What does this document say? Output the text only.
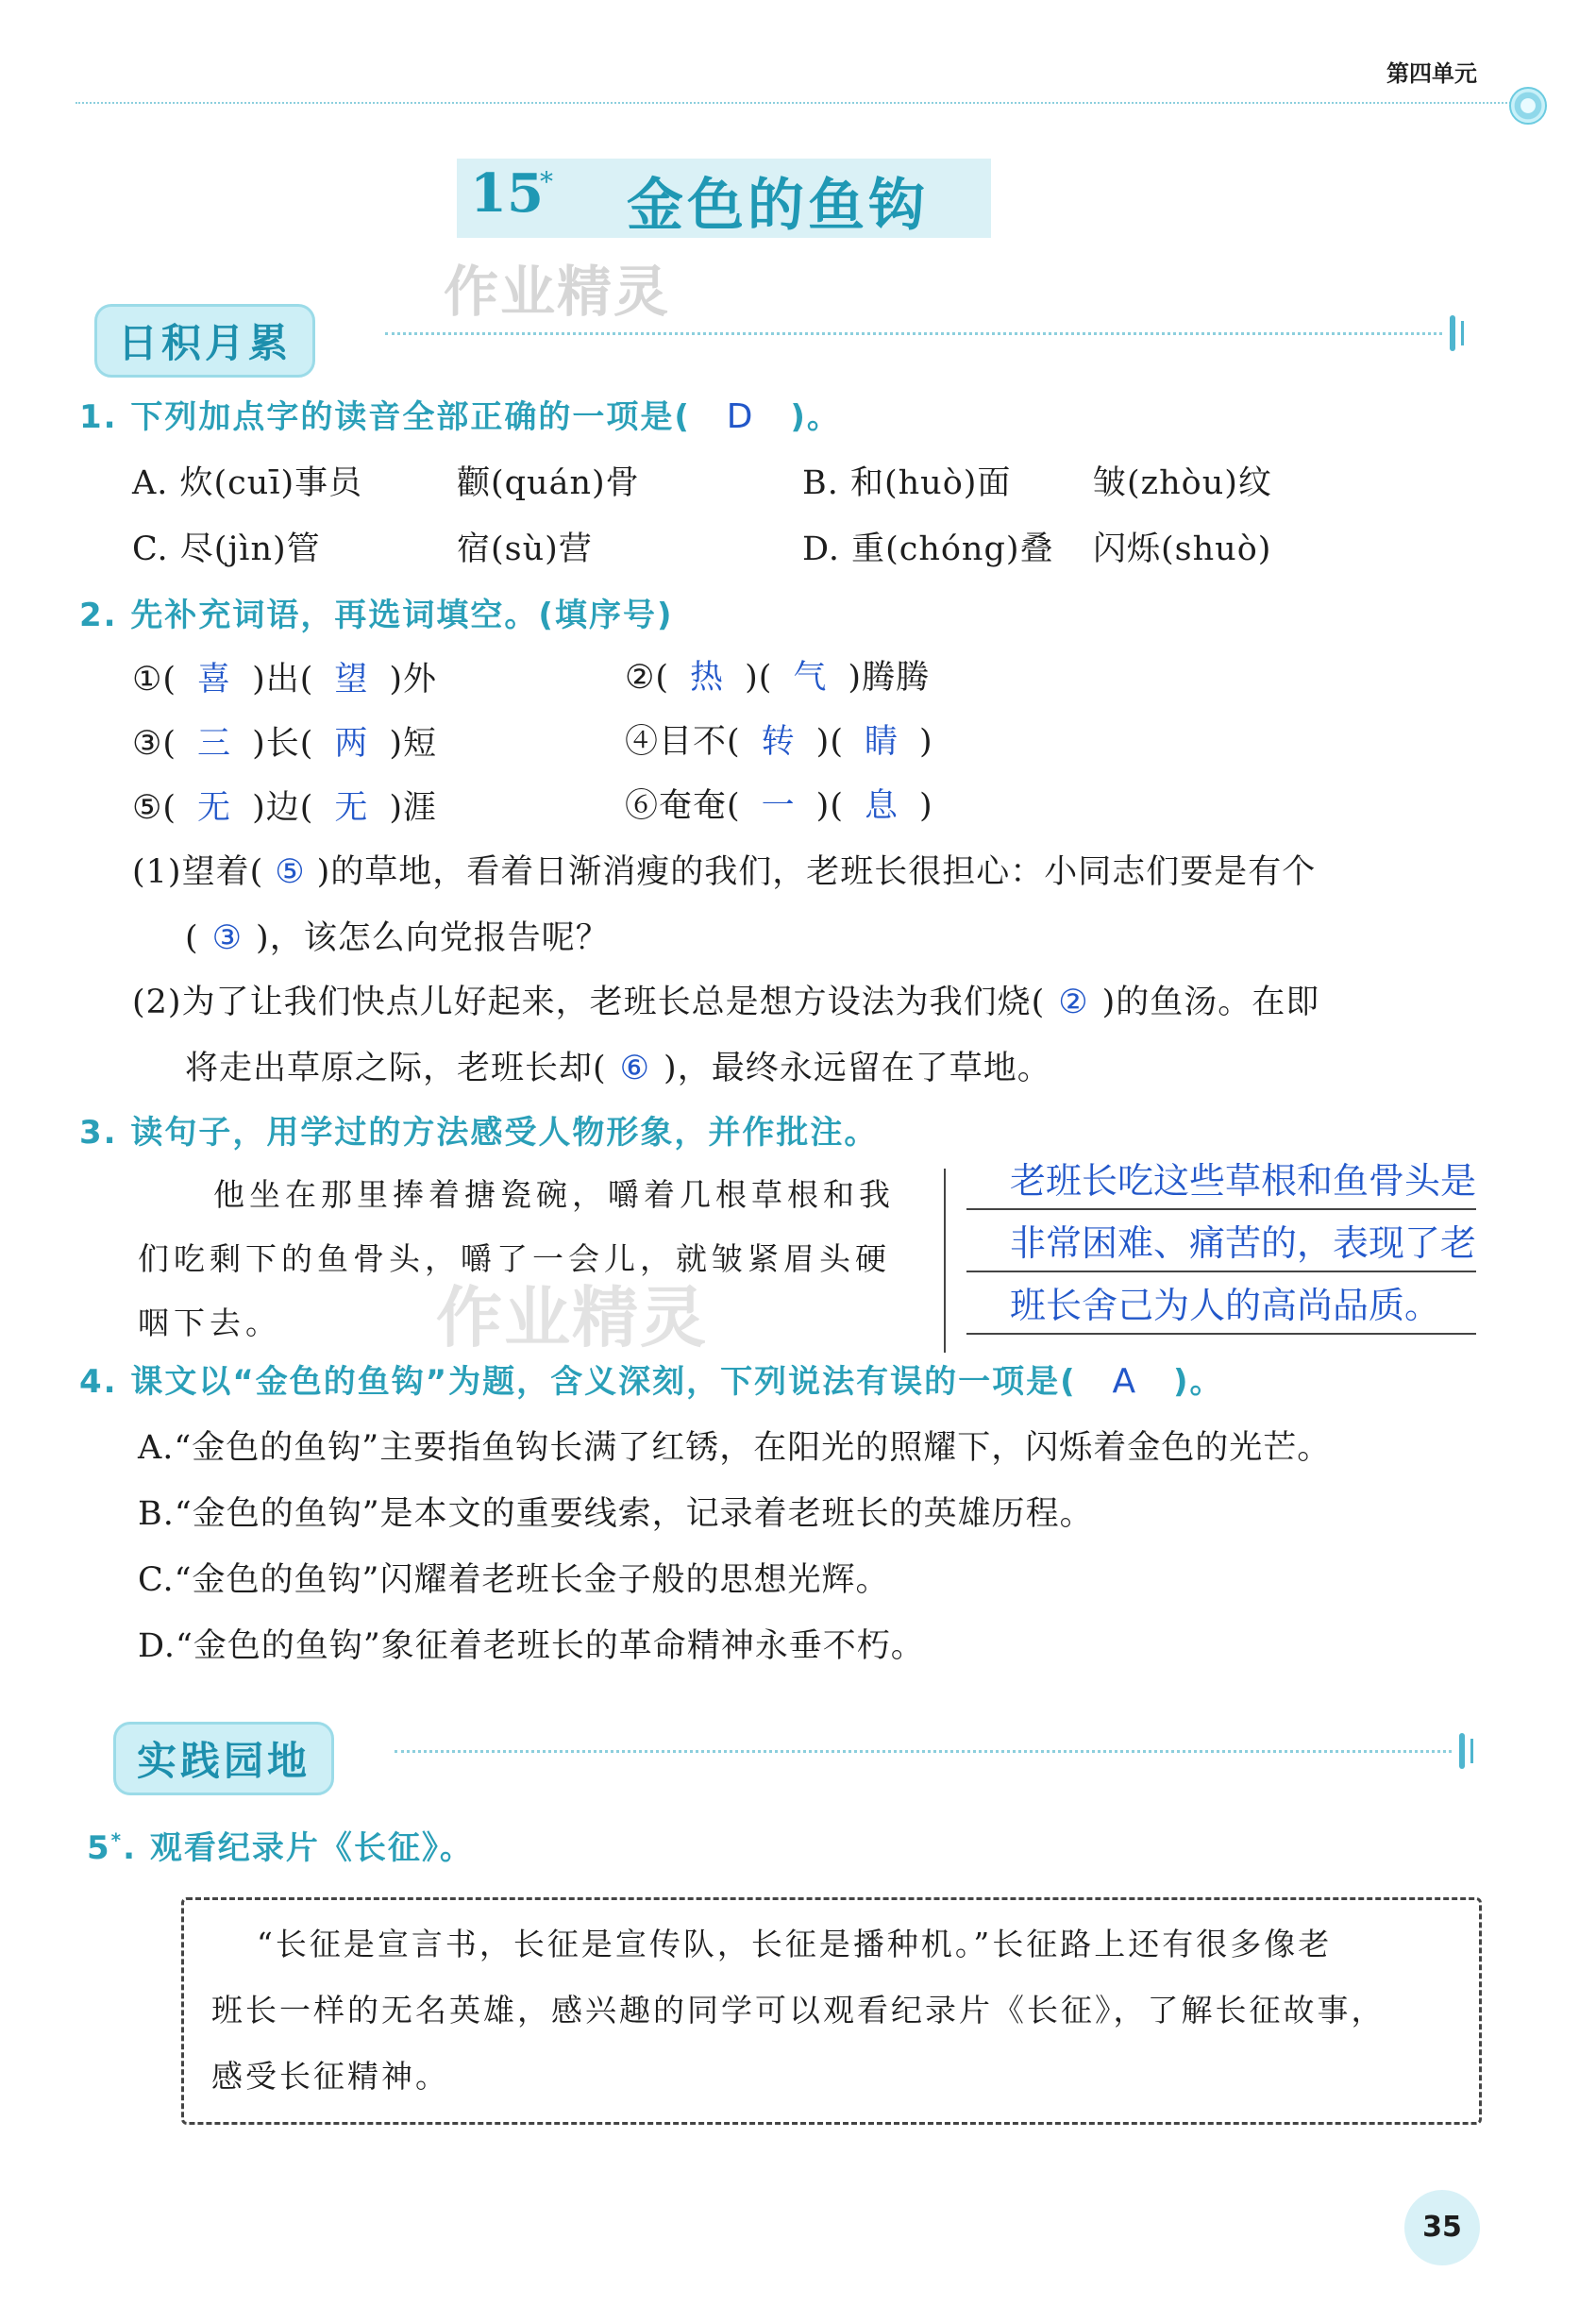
第四单元
15
* 金色的鱼钩
作业精灵
日积月累
1. 下列加点字的读音全部正确的一项是( D )。
A. 炊(cuī)事员	颧(quán)骨	B. 和(huò)面 皱(zhòu)纹
C. 尽(jìn)管	宿(sù)营	D. 重(chóng)叠 闪烁(shuò)
2. 先补充词语，再选词填空。(填序号)
①( 喜 )出( 望 )外	②( 热 )( 气 )腾腾
③( 三 )长( 两 )短	④目不( 转 )( 睛 )
⑤( 无 )边( 无 )涯	⑥奄奄( 一 )( 息 )
(1)望着( ⑤ )的草地，看着日渐消瘦的我们，老班长很担心：小同志们要是有个
( ③ )，该怎么向党报告呢？
(2)为了让我们快点儿好起来，老班长总是想方设法为我们烧( ② )的鱼汤。在即
将走出草原之际，老班长却( ⑥ )，最终永远留在了草地。
3. 读句子，用学过的方法感受人物形象，并作批注。
他坐在那里捧着搪瓷碗，嚼着几根草根和我
们吃剩下的鱼骨头，嚼了一会儿，就皱紧眉头硬
咽下去。 作业精灵
老班长吃这些草根和鱼骨头是
非常困难、痛苦的，表现了老
班长舍己为人的高尚品质。
4. 课文以“金色的鱼钩”为题，含义深刻，下列说法有误的一项是( A )。
A.“金色的鱼钩”主要指鱼钩长满了红锈，在阳光的照耀下，闪烁着金色的光芒。
B.“金色的鱼钩”是本文的重要线索，记录着老班长的英雄历程。
C.“金色的鱼钩”闪耀着老班长金子般的思想光辉。
D.“金色的鱼钩”象征着老班长的革命精神永垂不朽。
实践园地
5*. 观看纪录片《长征》。
“长征是宣言书，长征是宣传队，长征是播种机。”长征路上还有很多像老
班长一样的无名英雄，感兴趣的同学可以观看纪录片《长征》，了解长征故事，
感受长征精神。
35
